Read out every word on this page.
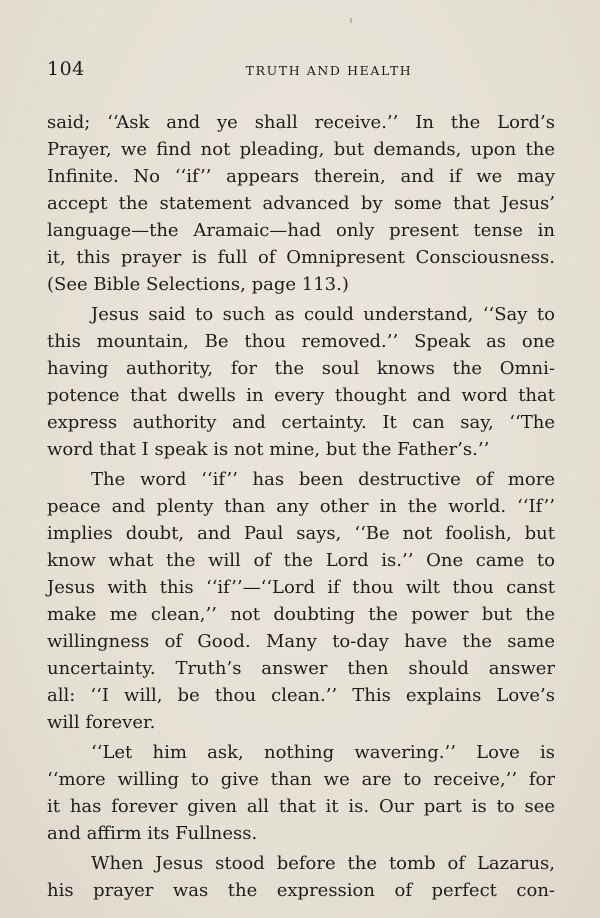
104	TRUTH AND HEALTH
said; ‘‘Ask and ye shall receive.’’ In the Lord’s
Prayer, we find not pleading, but demands, upon the
Infinite. No ‘‘if’’ appears therein, and if we may
accept the statement advanced by some that Jesus’
language—the Aramaic—had only present tense in
it, this prayer is full of Omnipresent Consciousness.
(See Bible Selections, page 113.)
Jesus said to such as could understand, ‘‘Say to
this mountain, Be thou removed.’’ Speak as one
having authority, for the soul knows the Omni-
potence that dwells in every thought and word that
express authority and certainty. It can say, ‘‘The
word that I speak is not mine, but the Father’s.’’
The word ‘‘if’’ has been destructive of more
peace and plenty than any other in the world. ‘‘If’’
implies doubt, and Paul says, ‘‘Be not foolish, but
know what the will of the Lord is.’’ One came to
Jesus with this ‘‘if’’—‘‘Lord if thou wilt thou canst
make me clean,’’ not doubting the power but the
willingness of Good. Many to-day have the same
uncertainty. Truth’s answer then should answer
all: ‘‘I will, be thou clean.’’ This explains Love’s
will forever.
‘‘Let him ask, nothing wavering.’’ Love is
‘‘more willing to give than we are to receive,’’ for
it has forever given all that it is. Our part is to see
and affirm its Fullness.
When Jesus stood before the tomb of Lazarus,
his prayer was the expression of perfect con-
